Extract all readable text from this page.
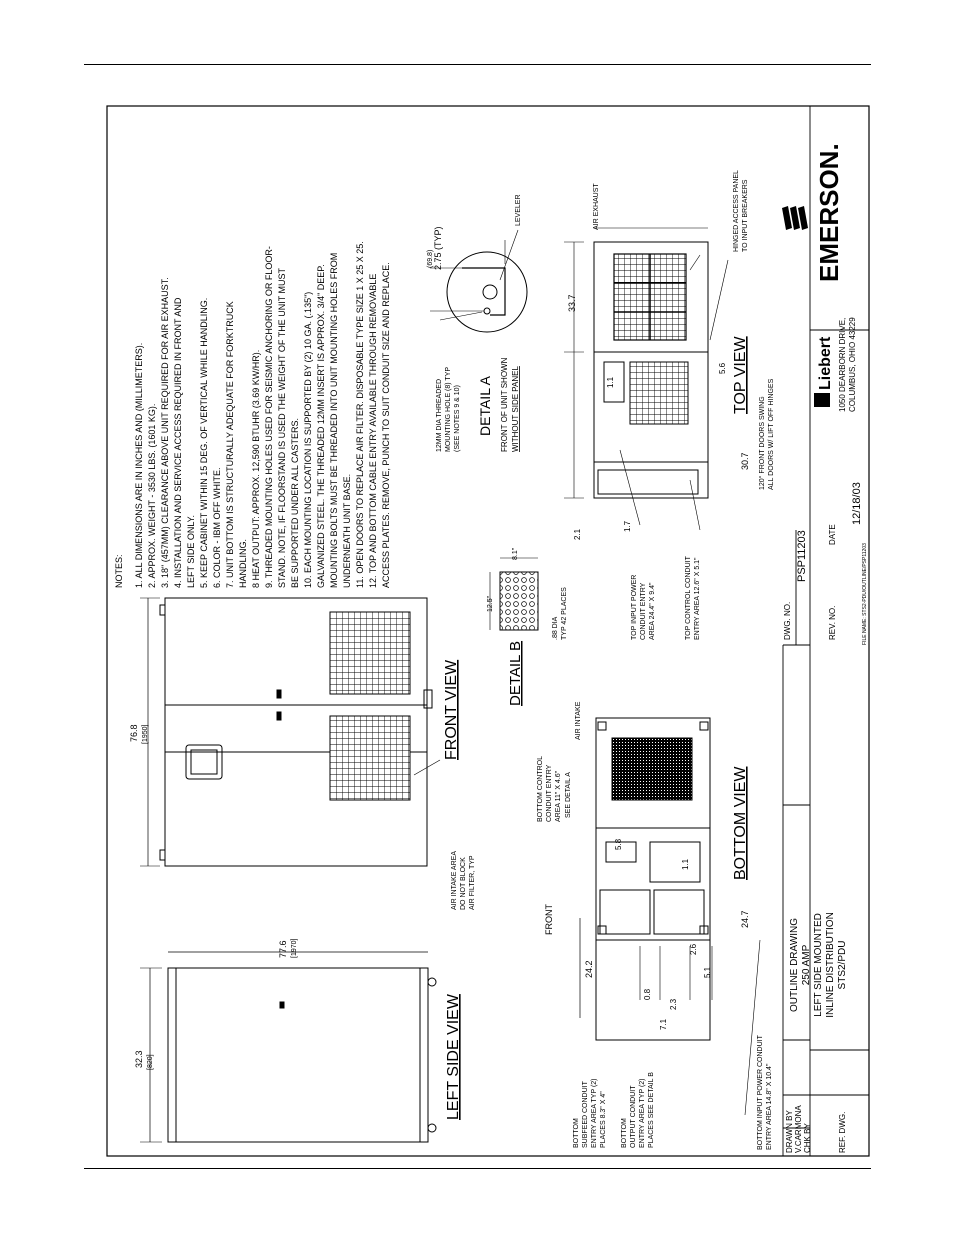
EMERSON.
Liebert 1050 DEARBORN DRIVE, COLUMBUS, OHIO 43229
DWG. NO.
PSP11203
REV. NO.
DATE
12/18/03
FILE NAME: STS2-PDU/OUTLINE/PSP11203
OUTLINE DRAWING 250 AMP LEFT SIDE MOUNTED INLINE DISTRIBUTION STS2/PDU
DRAWN BY V.CARMONA CHK BY	REF. DWG.
NOTES: 1. ALL DIMENSIONS ARE IN INCHES AND (MILLIMETERS). 2. APPROX. WEIGHT - 3530 LBS. (1601 KG). 3. 18" (457MM) CLEARANCE ABOVE UNIT REQUIRED FOR AIR EXHAUST. 4. INSTALLATION AND SERVICE ACCESS REQUIRED IN FRONT AND LEFT SIDE ONLY. 5. KEEP CABINET WITHIN 15 DEG. OF VERTICAL WHILE HANDLING. 6. COLOR - IBM OFF WHITE. 7. UNIT BOTTOM IS STRUCTURALLY ADEQUATE FOR FORKTRUCK HANDLING. 8 HEAT OUTPUT: APPROX. 12,590 BTUHR (3.69 KW/HR). 9. THREADED MOUNTING HOLES USED FOR SEISMIC ANCHORING OR FLOOR- STAND. NOTE, IF FLOORSTAND IS USED THE WEIGHT OF THE UNIT MUST BE SUPPORTED UNDER ALL CASTERS. 10. EACH MOUNTING LOCATION IS SUPPORTED BY (2) 10 GA. (.135") GALVANIZED STEEL. THE THREADED 12MM INSERT IS APPROX. 3/4" DEEP. MOUNTING BOLTS MUST BE THREADED INTO UNIT MOUNTING HOLES FROM UNDERNEATH UNIT BASE. 11. OPEN DOORS TO REPLACE AIR FILTER. DISPOSABLE TYPE SIZE 1 X 25 X 25. 12. TOP AND BOTTOM CABLE ENTRY AVAILABLE THROUGH REMOVABLE ACCESS PLATES. REMOVE, PUNCH TO SUIT CONDUIT SIZE AND REPLACE.
32.3 [820]
77.6 [1970]
LEFT SIDE VIEW
76.8 [1950]	FRONT VIEW
AIR INTAKE AREA DO NOT BLOCK AIR FILTER, TYP
BOTTOM VIEW
24.2
5.8
1.1
2.6
5.1
0.8
2.3
7.1
24.7
FRONT
BOTTOM CONTROL CONDUIT ENTRY AREA 11" X 4.6" SEE DETAIL A
AIR INTAKE
BOTTOM SUBFEED CONDUIT ENTRY AREA TYP (2) PLACES 8.3" X 4" BOTTOM OUTPUT CONDUIT ENTRY AREA TYP (2) PLACES SEE DETAIL B	BOTTOM INPUT POWER CONDUIT ENTRY AREA 14.8" X 10.4"
12.5"
8.1"
.88 DIA TYP 42 PLACES
DETAIL B
TOP VIEW
33.7
30.7
5.6
1.1
1.7
2.1
AIR EXHAUST	HINGED ACCESS PANEL TO INPUT BREAKERS
120° FRONT DOORS SWING ALL DOORS W/ LIFT OFF HINGES
TOP INPUT POWER CONDUIT ENTRY AREA 24.4" X 9.4"	TOP CONTROL CONDUIT ENTRY AREA 12.6" X 5.1"
(69.8) 2.75 (TYP)
LEVELER
12MM DIA THREADED MOUNTING HOLE (8) TYP (SEE NOTES 9 & 10) DETAIL A FRONT OF UNIT SHOWN WITHOUT SIDE PANEL
